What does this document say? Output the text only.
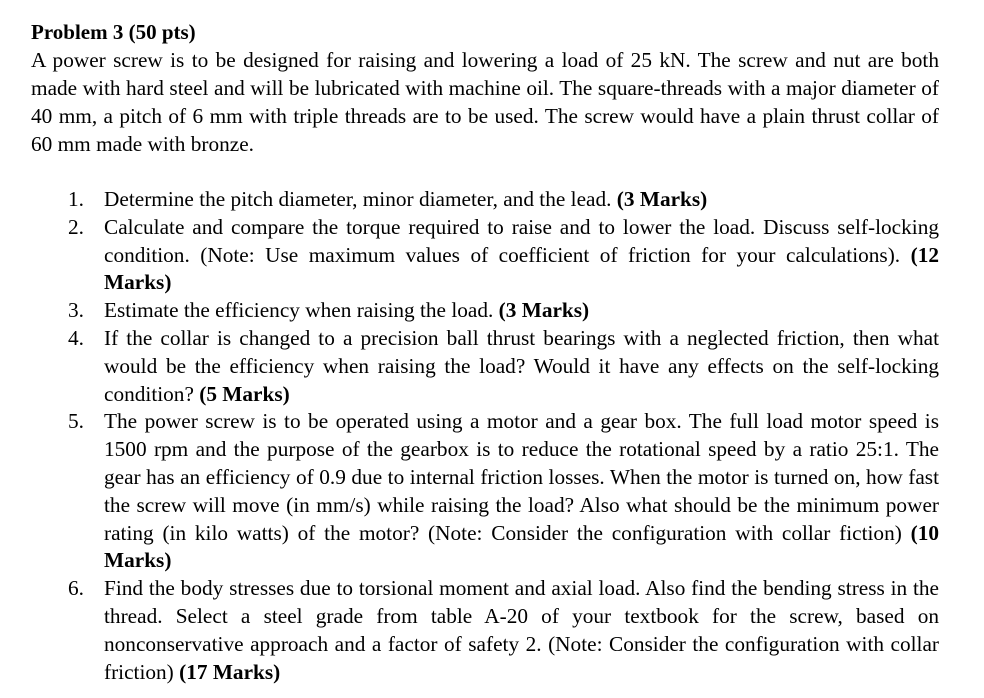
Problem 3 (50 pts)

A power screw is to be designed for raising and lowering a load of 25 kN. The screw and nut are both made with hard steel and will be lubricated with machine oil. The square-threads with a major diameter of 40 mm, a pitch of 6 mm with triple threads are to be used. The screw would have a plain thrust collar of 60 mm made with bronze.

1. Determine the pitch diameter, minor diameter, and the lead. (3 Marks)
2. Calculate and compare the torque required to raise and to lower the load. Discuss self-locking condition. (Note: Use maximum values of coefficient of friction for your calculations). (12 Marks)
3. Estimate the efficiency when raising the load. (3 Marks)
4. If the collar is changed to a precision ball thrust bearings with a neglected friction, then what would be the efficiency when raising the load? Would it have any effects on the self-locking condition? (5 Marks)
5. The power screw is to be operated using a motor and a gear box. The full load motor speed is 1500 rpm and the purpose of the gearbox is to reduce the rotational speed by a ratio 25:1. The gear has an efficiency of 0.9 due to internal friction losses. When the motor is turned on, how fast the screw will move (in mm/s) while raising the load? Also what should be the minimum power rating (in kilo watts) of the motor? (Note: Consider the configuration with collar fiction) (10 Marks)
6. Find the body stresses due to torsional moment and axial load. Also find the bending stress in the thread. Select a steel grade from table A-20 of your textbook for the screw, based on nonconservative approach and a factor of safety 2. (Note: Consider the configuration with collar friction) (17 Marks)
